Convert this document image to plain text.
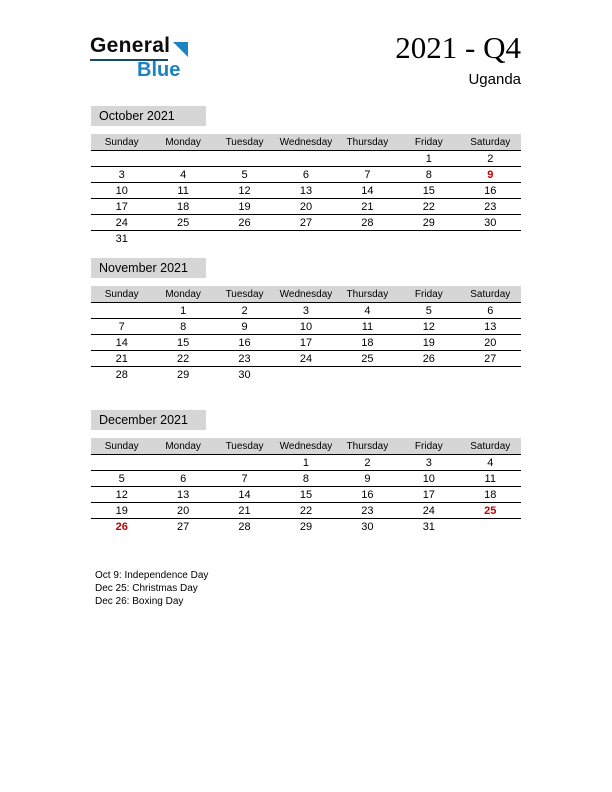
General
Blue
2021 - Q4
Uganda
October 2021
Sunday	Monday	Tuesday	Wednesday	Thursday	Friday	Saturday
					1	2
3	4	5	6	7	8	9
10	11	12	13	14	15	16
17	18	19	20	21	22	23
24	25	26	27	28	29	30
31						
November 2021
Sunday	Monday	Tuesday	Wednesday	Thursday	Friday	Saturday
	1	2	3	4	5	6
7	8	9	10	11	12	13
14	15	16	17	18	19	20
21	22	23	24	25	26	27
28	29	30				
December 2021
Sunday	Monday	Tuesday	Wednesday	Thursday	Friday	Saturday
			1	2	3	4
5	6	7	8	9	10	11
12	13	14	15	16	17	18
19	20	21	22	23	24	25
26	27	28	29	30	31	
Oct 9: Independence Day
Dec 25: Christmas Day
Dec 26: Boxing Day
